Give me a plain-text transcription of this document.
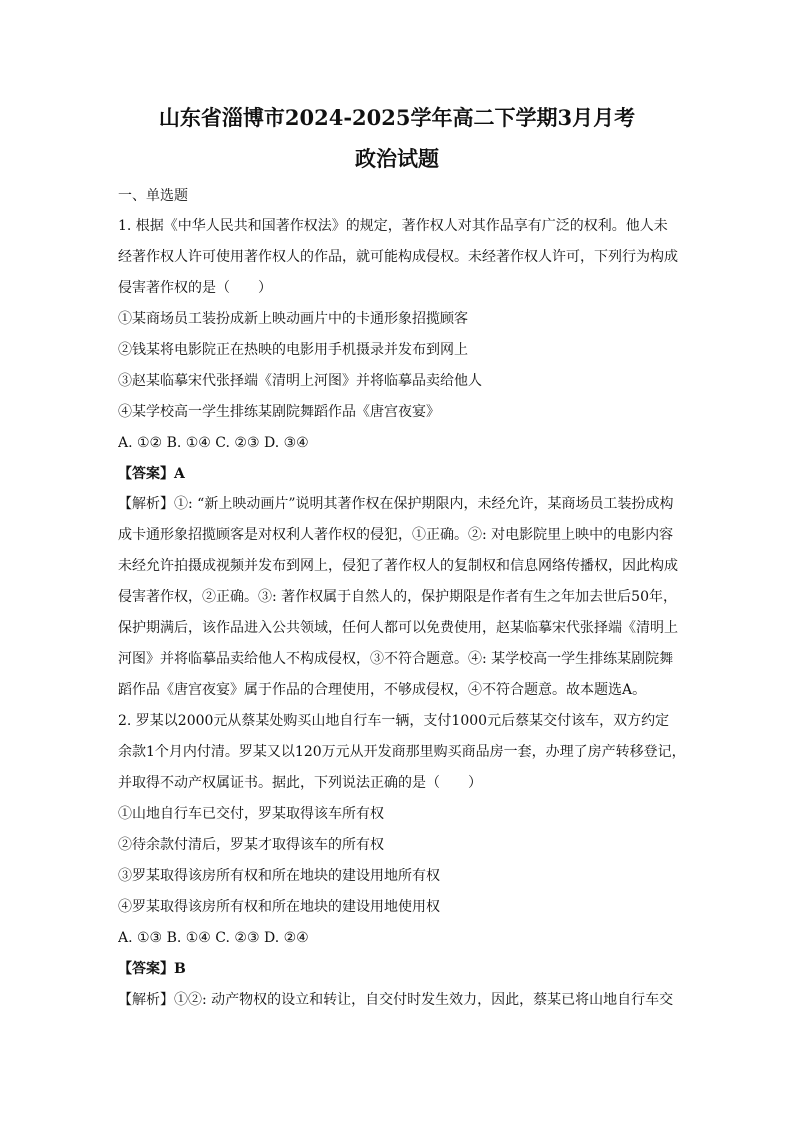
山东省淄博市2024-2025学年高二下学期3月月考
政治试题

一、单选题

1. 根据《中华人民共和国著作权法》的规定，著作权人对其作品享有广泛的权利。他人未

经著作权人许可使用著作权人的作品，就可能构成侵权。未经著作权人许可，下列行为构成

侵害著作权的是（　　）

①某商场员工装扮成新上映动画片中的卡通形象招揽顾客

②钱某将电影院正在热映的电影用手机摄录并发布到网上

③赵某临摹宋代张择端《清明上河图》并将临摹品卖给他人

④某学校高一学生排练某剧院舞蹈作品《唐宫夜宴》

A. ①② B. ①④ C. ②③ D. ③④

【答案】A

【解析】①: “新上映动画片”说明其著作权在保护期限内，未经允许，某商场员工装扮成构

成卡通形象招揽顾客是对权利人著作权的侵犯，①正确。②: 对电影院里上映中的电影内容

未经允许拍摄成视频并发布到网上，侵犯了著作权人的复制权和信息网络传播权，因此构成

侵害著作权，②正确。③: 著作权属于自然人的，保护期限是作者有生之年加去世后50年，

保护期满后，该作品进入公共领域，任何人都可以免费使用，赵某临摹宋代张择端《清明上

河图》并将临摹品卖给他人不构成侵权，③不符合题意。④: 某学校高一学生排练某剧院舞

蹈作品《唐宫夜宴》属于作品的合理使用，不够成侵权，④不符合题意。故本题选A。

2. 罗某以2000元从蔡某处购买山地自行车一辆，支付1000元后蔡某交付该车，双方约定

余款1个月内付清。罗某又以120万元从开发商那里购买商品房一套，办理了房产转移登记，

并取得不动产权属证书。据此，下列说法正确的是（　　）

①山地自行车已交付，罗某取得该车所有权

②待余款付清后，罗某才取得该车的所有权

③罗某取得该房所有权和所在地块的建设用地所有权

④罗某取得该房所有权和所在地块的建设用地使用权

A. ①③ B. ①④ C. ②③ D. ②④

【答案】B

【解析】①②: 动产物权的设立和转让，自交付时发生效力，因此，蔡某已将山地自行车交
